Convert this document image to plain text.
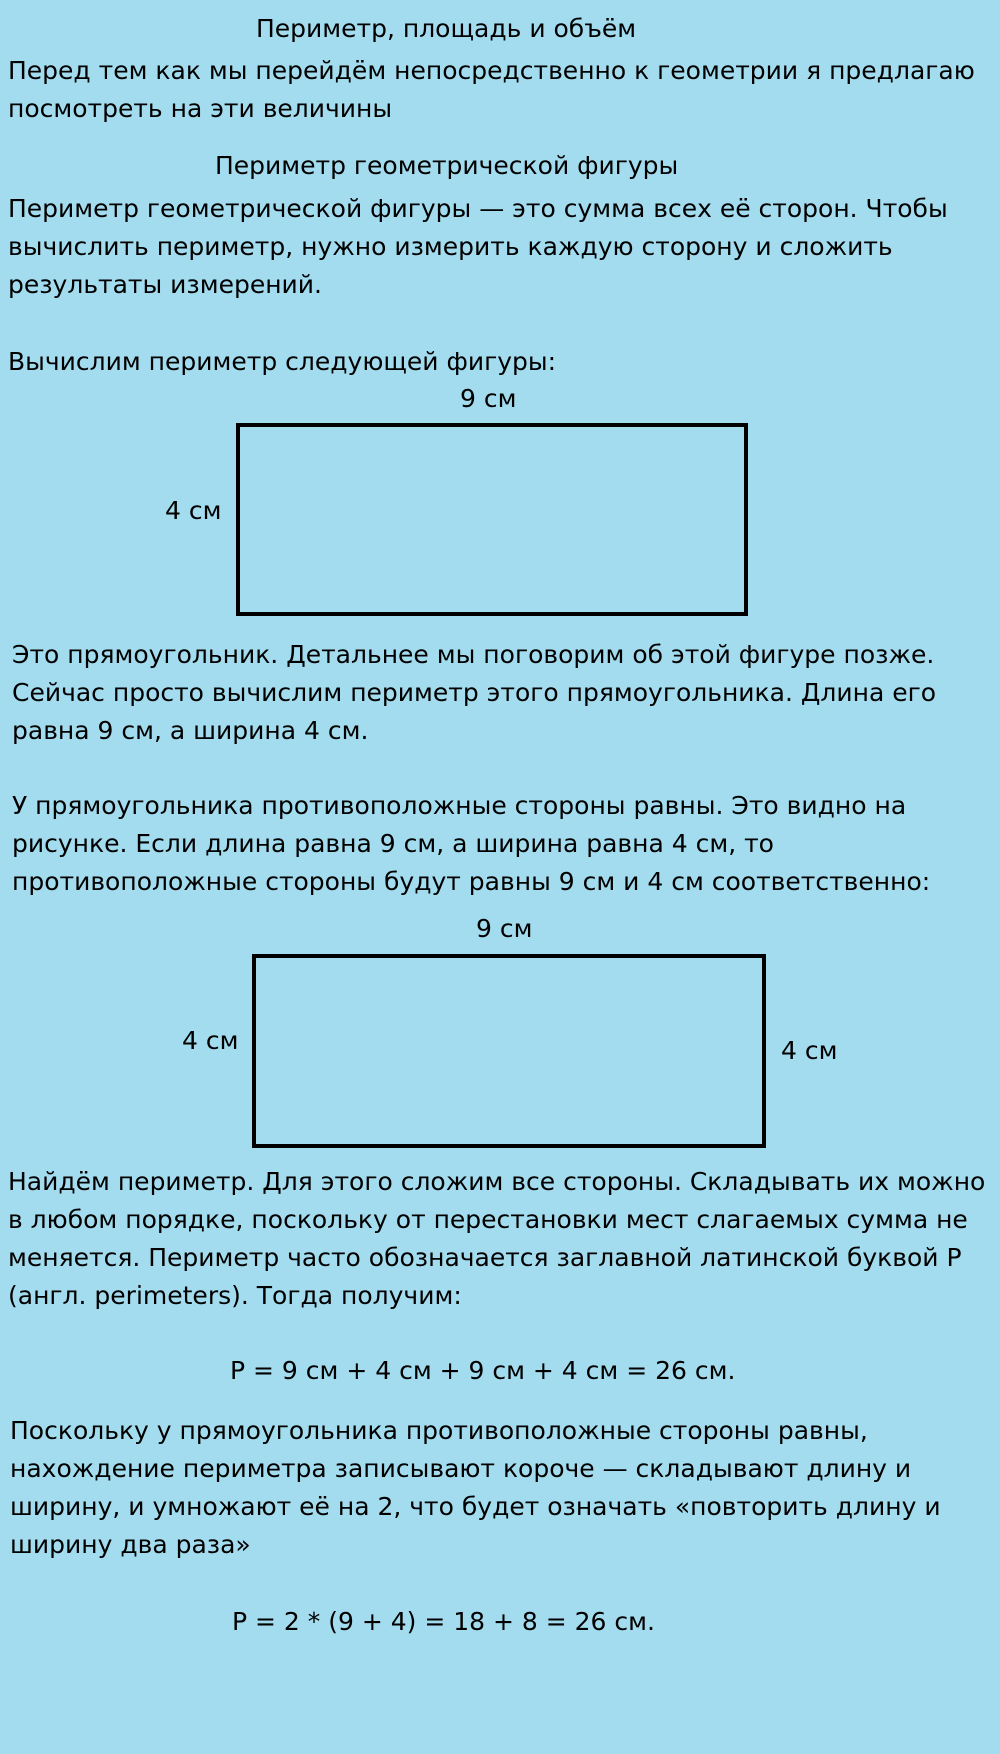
Периметр, площадь и объём
Перед тем как мы перейдём непосредственно к геометрии я предлагаю
посмотреть на эти величины
Периметр геометрической фигуры
Периметр геометрической фигуры — это сумма всех её сторон. Чтобы
вычислить периметр, нужно измерить каждую сторону и сложить
результаты измерений.
Вычислим периметр следующей фигуры:
9 см
4 см
Это прямоугольник. Детальнее мы поговорим об этой фигуре позже.
Сейчас просто вычислим периметр этого прямоугольника. Длина его
равна 9 см, а ширина 4 см.
У прямоугольника противоположные стороны равны. Это видно на
рисунке. Если длина равна 9 см, а ширина равна 4 см, то
противоположные стороны будут равны 9 см и 4 см соответственно:
9 см
4 см	4 см
Найдём периметр. Для этого сложим все стороны. Складывать их можно
в любом порядке, поскольку от перестановки мест слагаемых сумма не
меняется. Периметр часто обозначается заглавной латинской буквой P
(англ. perimeters). Тогда получим:
P = 9 см + 4 см + 9 см + 4 см = 26 см.
Поскольку у прямоугольника противоположные стороны равны,
нахождение периметра записывают короче — складывают длину и
ширину, и умножают её на 2, что будет означать «повторить длину и
ширину два раза»
P = 2 * (9 + 4) = 18 + 8 = 26 см.
